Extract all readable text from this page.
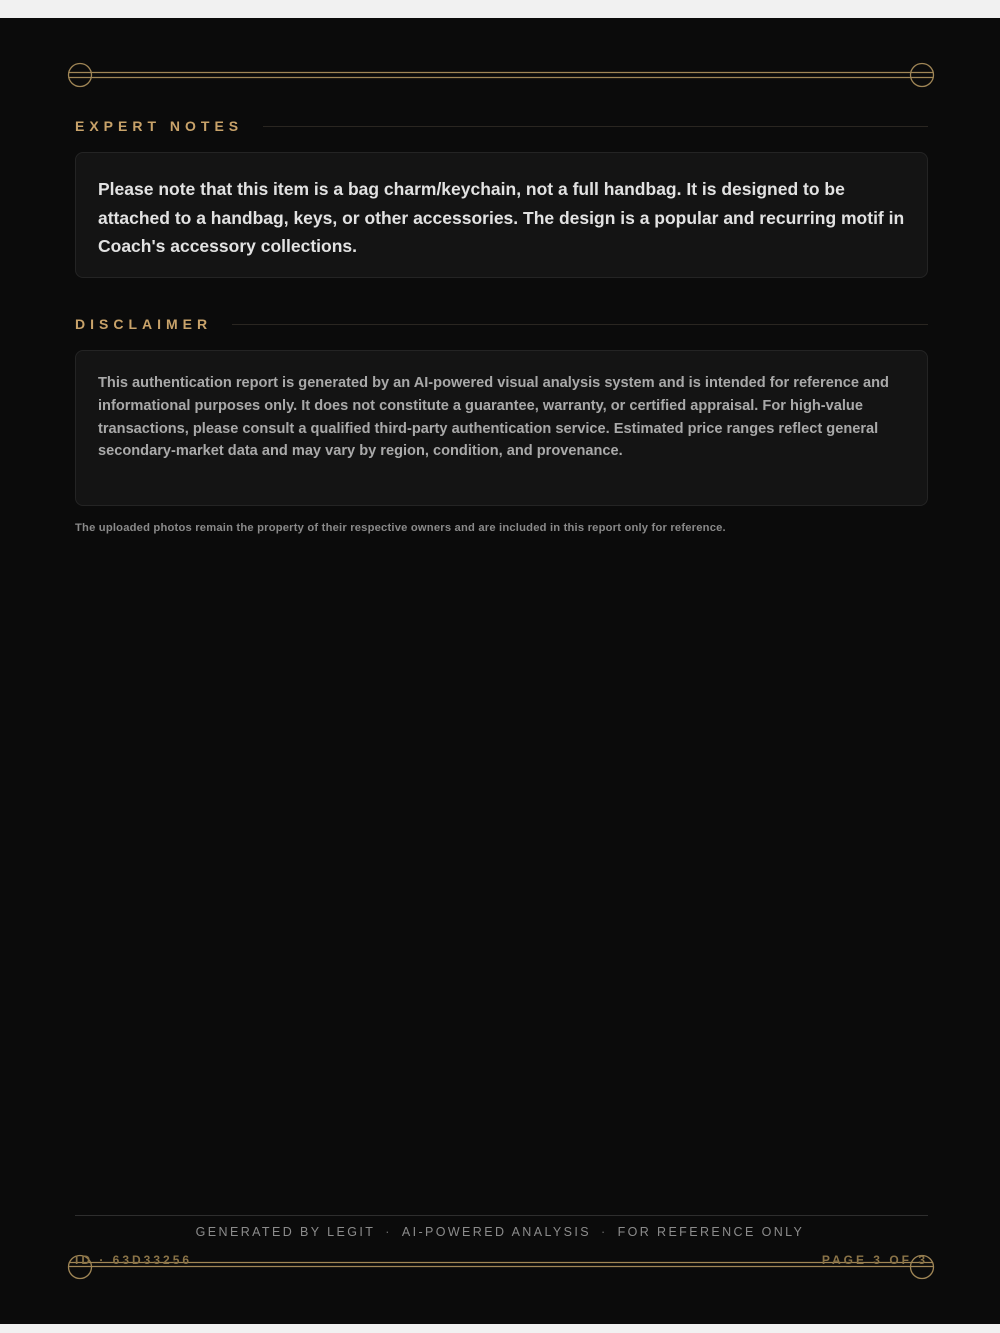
EXPERT NOTES

Please note that this item is a bag charm/keychain, not a full handbag. It is designed to be attached to a handbag, keys, or other accessories. The design is a popular and recurring motif in Coach's accessory collections.

DISCLAIMER

This authentication report is generated by an AI-powered visual analysis system and is intended for reference and informational purposes only. It does not constitute a guarantee, warranty, or certified appraisal. For high-value transactions, please consult a qualified third-party authentication service. Estimated price ranges reflect general secondary-market data and may vary by region, condition, and provenance.

The uploaded photos remain the property of their respective owners and are included in this report only for reference.
GENERATED BY LEGIT · AI-POWERED ANALYSIS · FOR REFERENCE ONLY
ID · 63D33256	PAGE 3 OF 3
